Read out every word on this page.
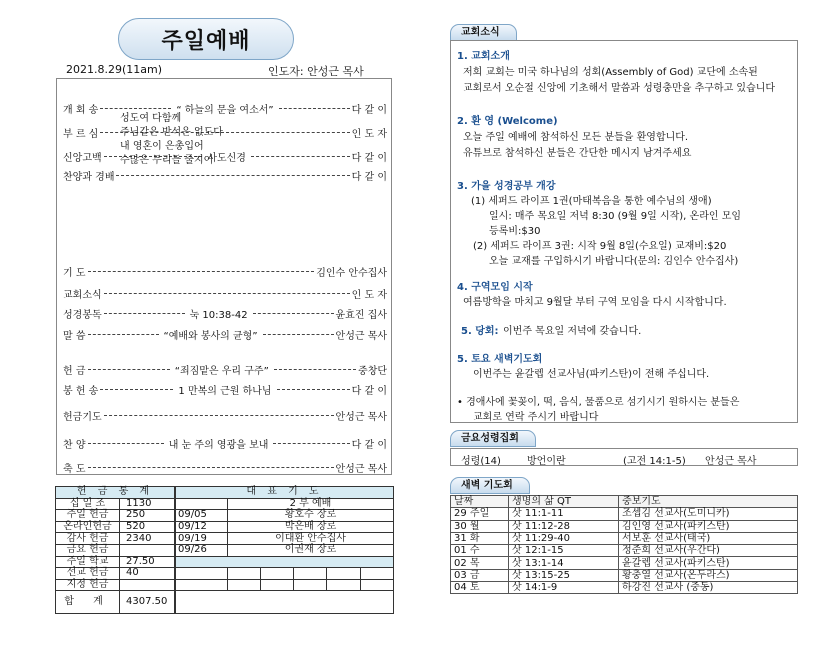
주일예배
2021.8.29(11am)	인도자: 안성근 목사
개 회 송	“ 하늘의 문을 여소서”	다 같 이
부 르 심	인 도 자
신앙고백	사도신경	다 같 이
찬양과 경배	다 같 이
기 도	김인수 안수집사
교회소식	인 도 자
성경봉독	눅 10:38-42	윤효진 집사
말 씀	“예배와 봉사의 균형”	안성근 목사
헌 금	“죄짐맡은 우리 구주”	중창단
봉 헌 송	1 만복의 근원 하나님	다 같 이
헌금기도	안성근 목사
찬 양	내 눈 주의 영광을 보내	다 같 이
축 도	안성근 목사
성도여 다함께
주님같은 반석은 없도다
내 영혼이 은총입어
수많은 무리들 줄지어
헌 금 통 계	
십 일 조	1130
주일 헌금	250
온라인헌금	520
감사 헌금	2340
금요 헌금	
주일 학교	27.50
선교 헌금	40
지정 헌금	
합 계	4307.50
대 표 기 도					
	2 부 예배				
09/05	황호수 장로				
09/12	박은배 장로				
09/19	이대환 안수집사				
09/26	이권재 장로				

교회소식
1. 교회소개
저희 교회는 미국 하나님의 성회(Assembly of God) 교단에 소속된
교회로서 오순절 신앙에 기초해서 말씀과 성령충만을 추구하고 있습니다
2. 환 영 (Welcome)
오늘 주일 예배에 참석하신 모든 분들을 환영합니다.
유튜브로 참석하신 분들은 간단한 메시지 남겨주세요
3. 가을 성경공부 개강
(1) 세퍼드 라이프 1권(마태복음을 통한 예수님의 생애)
일시: 매주 목요일 저녁 8:30 (9월 9일 시작), 온라인 모임
등록비:$30
(2) 세퍼드 라이프 3권: 시작 9월 8일(수요일) 교재비:$20
오늘 교재를 구입하시기 바랍니다(문의: 김인수 안수집사)
4. 구역모임 시작
여름방학을 마치고 9월달 부터 구역 모임을 다시 시작합니다.
5. 당회: 이번주 목요일 저녁에 갖습니다.
5. 토요 새벽기도회
이번주는 윤갈렙 선교사님(파키스탄)이 전해 주십니다.
• 경애사에 꽃꽂이, 떡, 음식, 물품으로 섬기시기 원하시는 분들은
교회로 연락 주시기 바랍니다
금요성령집회
성령(14)	방언이란	(고전 14:1-5) 안성근 목사
새벽 기도회
날짜	생명의 삶 QT	중보기도
29 주일	삿 11:1-11	조셉김 선교사(도미니카)
30 월	삿 11:12-28	김인영 선교사(파키스탄)
31 화	삿 11:29-40	서보훈 선교사(태국)
01 수	삿 12:1-15	정준희 선교사(우간다)
02 목	삿 13:1-14	윤갈렙 선교사(파키스탄)
03 금	삿 13:15-25	황충열 선교사(온두라스)
04 토	삿 14:1-9	하강진 선교사 (중동)
